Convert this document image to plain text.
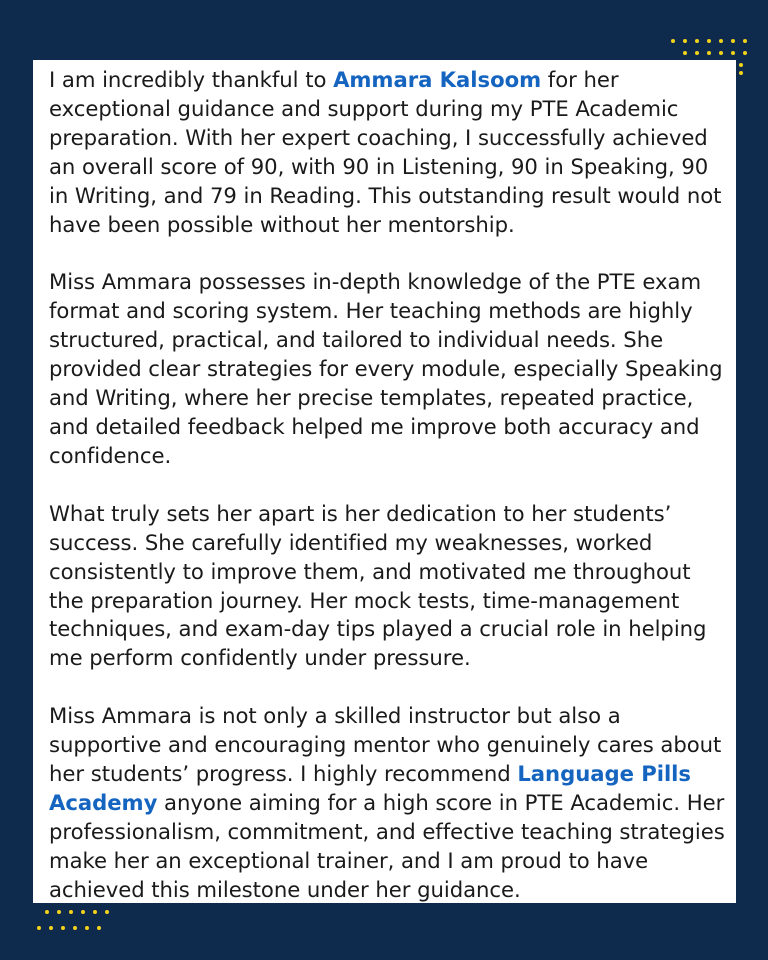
I am incredibly thankful to Ammara Kalsoom for her exceptional guidance and support during my PTE Academic preparation. With her expert coaching, I successfully achieved an overall score of 90, with 90 in Listening, 90 in Speaking, 90 in Writing, and 79 in Reading. This outstanding result would not have been possible without her mentorship.

Miss Ammara possesses in-depth knowledge of the PTE exam format and scoring system. Her teaching methods are highly structured, practical, and tailored to individual needs. She provided clear strategies for every module, especially Speaking and Writing, where her precise templates, repeated practice, and detailed feedback helped me improve both accuracy and confidence.

What truly sets her apart is her dedication to her students’ success. She carefully identified my weaknesses, worked consistently to improve them, and motivated me throughout the preparation journey. Her mock tests, time-management techniques, and exam-day tips played a crucial role in helping me perform confidently under pressure.

Miss Ammara is not only a skilled instructor but also a supportive and encouraging mentor who genuinely cares about her students’ progress. I highly recommend Language Pills Academy anyone aiming for a high score in PTE Academic. Her professionalism, commitment, and effective teaching strategies make her an exceptional trainer, and I am proud to have achieved this milestone under her guidance.
